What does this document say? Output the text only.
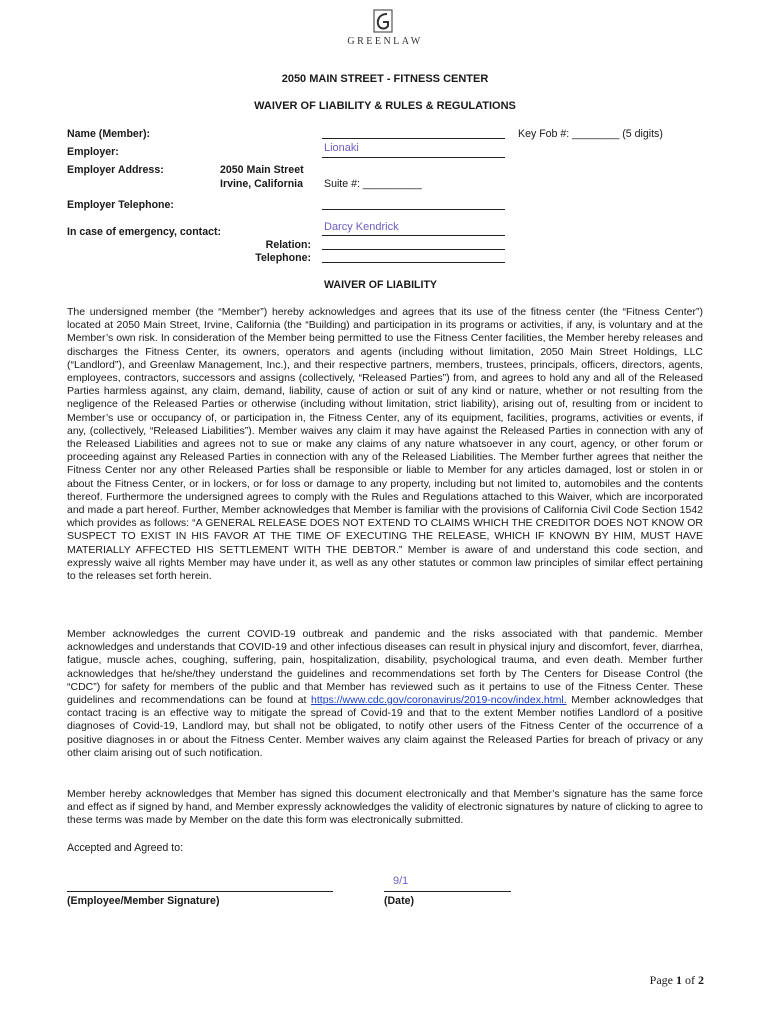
GREENLAW
2050 MAIN STREET - FITNESS CENTER
WAIVER OF LIABILITY & RULES & REGULATIONS
Name (Member):	Key Fob #: ________ (5 digits)
Employer:	Lionaki
Employer Address:	2050 Main Street
Irvine, California Suite #: __________
Employer Telephone:
In case of emergency, contact:	Darcy Kendrick
Relation:
Telephone:
WAIVER OF LIABILITY
The undersigned member (the “Member”) hereby acknowledges and agrees that its use of the fitness center (the “Fitness Center”) located at 2050 Main Street, Irvine, California (the “Building) and participation in its programs or activities, if any, is voluntary and at the Member’s own risk. In consideration of the Member being permitted to use the Fitness Center facilities, the Member hereby releases and discharges the Fitness Center, its owners, operators and agents (including without limitation, 2050 Main Street Holdings, LLC (“Landlord”), and Greenlaw Management, Inc.), and their respective partners, members, trustees, principals, officers, directors, agents, employees, contractors, successors and assigns (collectively, “Released Parties”) from, and agrees to hold any and all of the Released Parties harmless against, any claim, demand, liability, cause of action or suit of any kind or nature, whether or not resulting from the negligence of the Released Parties or otherwise (including without limitation, strict liability), arising out of, resulting from or incident to Member’s use or occupancy of, or participation in, the Fitness Center, any of its equipment, facilities, programs, activities or events, if any, (collectively, “Released Liabilities”). Member waives any claim it may have against the Released Parties in connection with any of the Released Liabilities and agrees not to sue or make any claims of any nature whatsoever in any court, agency, or other forum or proceeding against any Released Parties in connection with any of the Released Liabilities. The Member further agrees that neither the Fitness Center nor any other Released Parties shall be responsible or liable to Member for any articles damaged, lost or stolen in or about the Fitness Center, or in lockers, or for loss or damage to any property, including but not limited to, automobiles and the contents thereof. Furthermore the undersigned agrees to comply with the Rules and Regulations attached to this Waiver, which are incorporated and made a part hereof. Further, Member acknowledges that Member is familiar with the provisions of California Civil Code Section 1542 which provides as follows: “A GENERAL RELEASE DOES NOT EXTEND TO CLAIMS WHICH THE CREDITOR DOES NOT KNOW OR SUSPECT TO EXIST IN HIS FAVOR AT THE TIME OF EXECUTING THE RELEASE, WHICH IF KNOWN BY HIM, MUST HAVE MATERIALLY AFFECTED HIS SETTLEMENT WITH THE DEBTOR.” Member is aware of and understand this code section, and expressly waive all rights Member may have under it, as well as any other statutes or common law principles of similar effect pertaining to the releases set forth herein.
Member acknowledges the current COVID-19 outbreak and pandemic and the risks associated with that pandemic. Member acknowledges and understands that COVID-19 and other infectious diseases can result in physical injury and discomfort, fever, diarrhea, fatigue, muscle aches, coughing, suffering, pain, hospitalization, disability, psychological trauma, and even death. Member further acknowledges that he/she/they understand the guidelines and recommendations set forth by The Centers for Disease Control (the “CDC”) for safety for members of the public and that Member has reviewed such as it pertains to use of the Fitness Center. These guidelines and recommendations can be found at https://www.cdc.gov/coronavirus/2019-ncov/index.html. Member acknowledges that contact tracing is an effective way to mitigate the spread of Covid-19 and that to the extent Member notifies Landlord of a positive diagnoses of Covid-19, Landlord may, but shall not be obligated, to notify other users of the Fitness Center of the occurrence of a positive diagnoses in or about the Fitness Center. Member waives any claim against the Released Parties for breach of privacy or any other claim arising out of such notification.
Member hereby acknowledges that Member has signed this document electronically and that Member’s signature has the same force and effect as if signed by hand, and Member expressly acknowledges the validity of electronic signatures by nature of clicking to agree to these terms was made by Member on the date this form was electronically submitted.
Accepted and Agreed to:
(Employee/Member Signature)
9/1
(Date)
Page 1 of 2
